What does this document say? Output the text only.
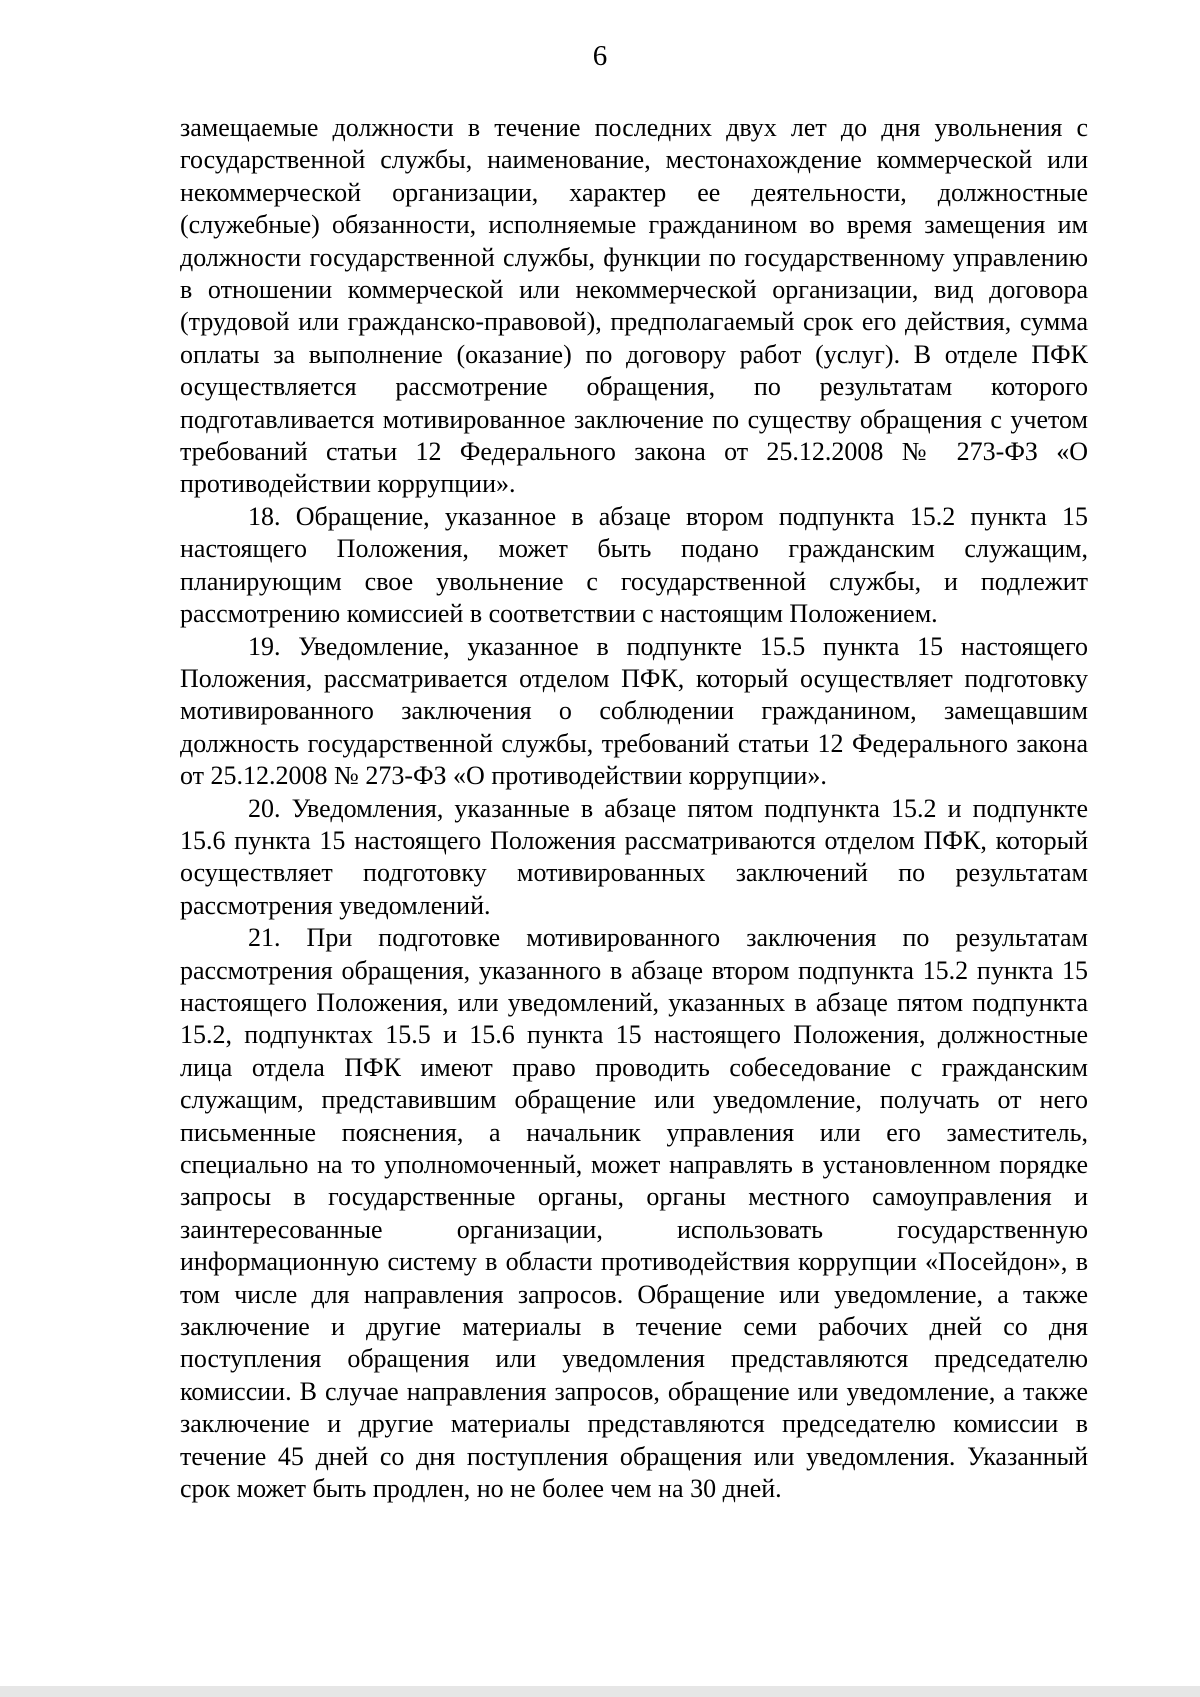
6

замещаемые должности в течение последних двух лет до дня увольнения с государственной службы, наименование, местонахождение коммерческой или некоммерческой организации, характер ее деятельности, должностные (служебные) обязанности, исполняемые гражданином во время замещения им должности государственной службы, функции по государственному управлению в отношении коммерческой или некоммерческой организации, вид договора (трудовой или гражданско-правовой), предполагаемый срок его действия, сумма оплаты за выполнение (оказание) по договору работ (услуг). В отделе ПФК осуществляется рассмотрение обращения, по результатам которого подготавливается мотивированное заключение по существу обращения с учетом требований статьи 12 Федерального закона от 25.12.2008 № 273-ФЗ «О противодействии коррупции».

18. Обращение, указанное в абзаце втором подпункта 15.2 пункта 15 настоящего Положения, может быть подано гражданским служащим, планирующим свое увольнение с государственной службы, и подлежит рассмотрению комиссией в соответствии с настоящим Положением.

19. Уведомление, указанное в подпункте 15.5 пункта 15 настоящего Положения, рассматривается отделом ПФК, который осуществляет подготовку мотивированного заключения о соблюдении гражданином, замещавшим должность государственной службы, требований статьи 12 Федерального закона от 25.12.2008 № 273-ФЗ «О противодействии коррупции».

20. Уведомления, указанные в абзаце пятом подпункта 15.2 и подпункте 15.6 пункта 15 настоящего Положения рассматриваются отделом ПФК, который осуществляет подготовку мотивированных заключений по результатам рассмотрения уведомлений.

21. При подготовке мотивированного заключения по результатам рассмотрения обращения, указанного в абзаце втором подпункта 15.2 пункта 15 настоящего Положения, или уведомлений, указанных в абзаце пятом подпункта 15.2, подпунктах 15.5 и 15.6 пункта 15 настоящего Положения, должностные лица отдела ПФК имеют право проводить собеседование с гражданским служащим, представившим обращение или уведомление, получать от него письменные пояснения, а начальник управления или его заместитель, специально на то уполномоченный, может направлять в установленном порядке запросы в государственные органы, органы местного самоуправления и заинтересованные организации, использовать государственную информационную систему в области противодействия коррупции «Посейдон», в том числе для направления запросов. Обращение или уведомление, а также заключение и другие материалы в течение семи рабочих дней со дня поступления обращения или уведомления представляются председателю комиссии. В случае направления запросов, обращение или уведомление, а также заключение и другие материалы представляются председателю комиссии в течение 45 дней со дня поступления обращения или уведомления. Указанный срок может быть продлен, но не более чем на 30 дней.
